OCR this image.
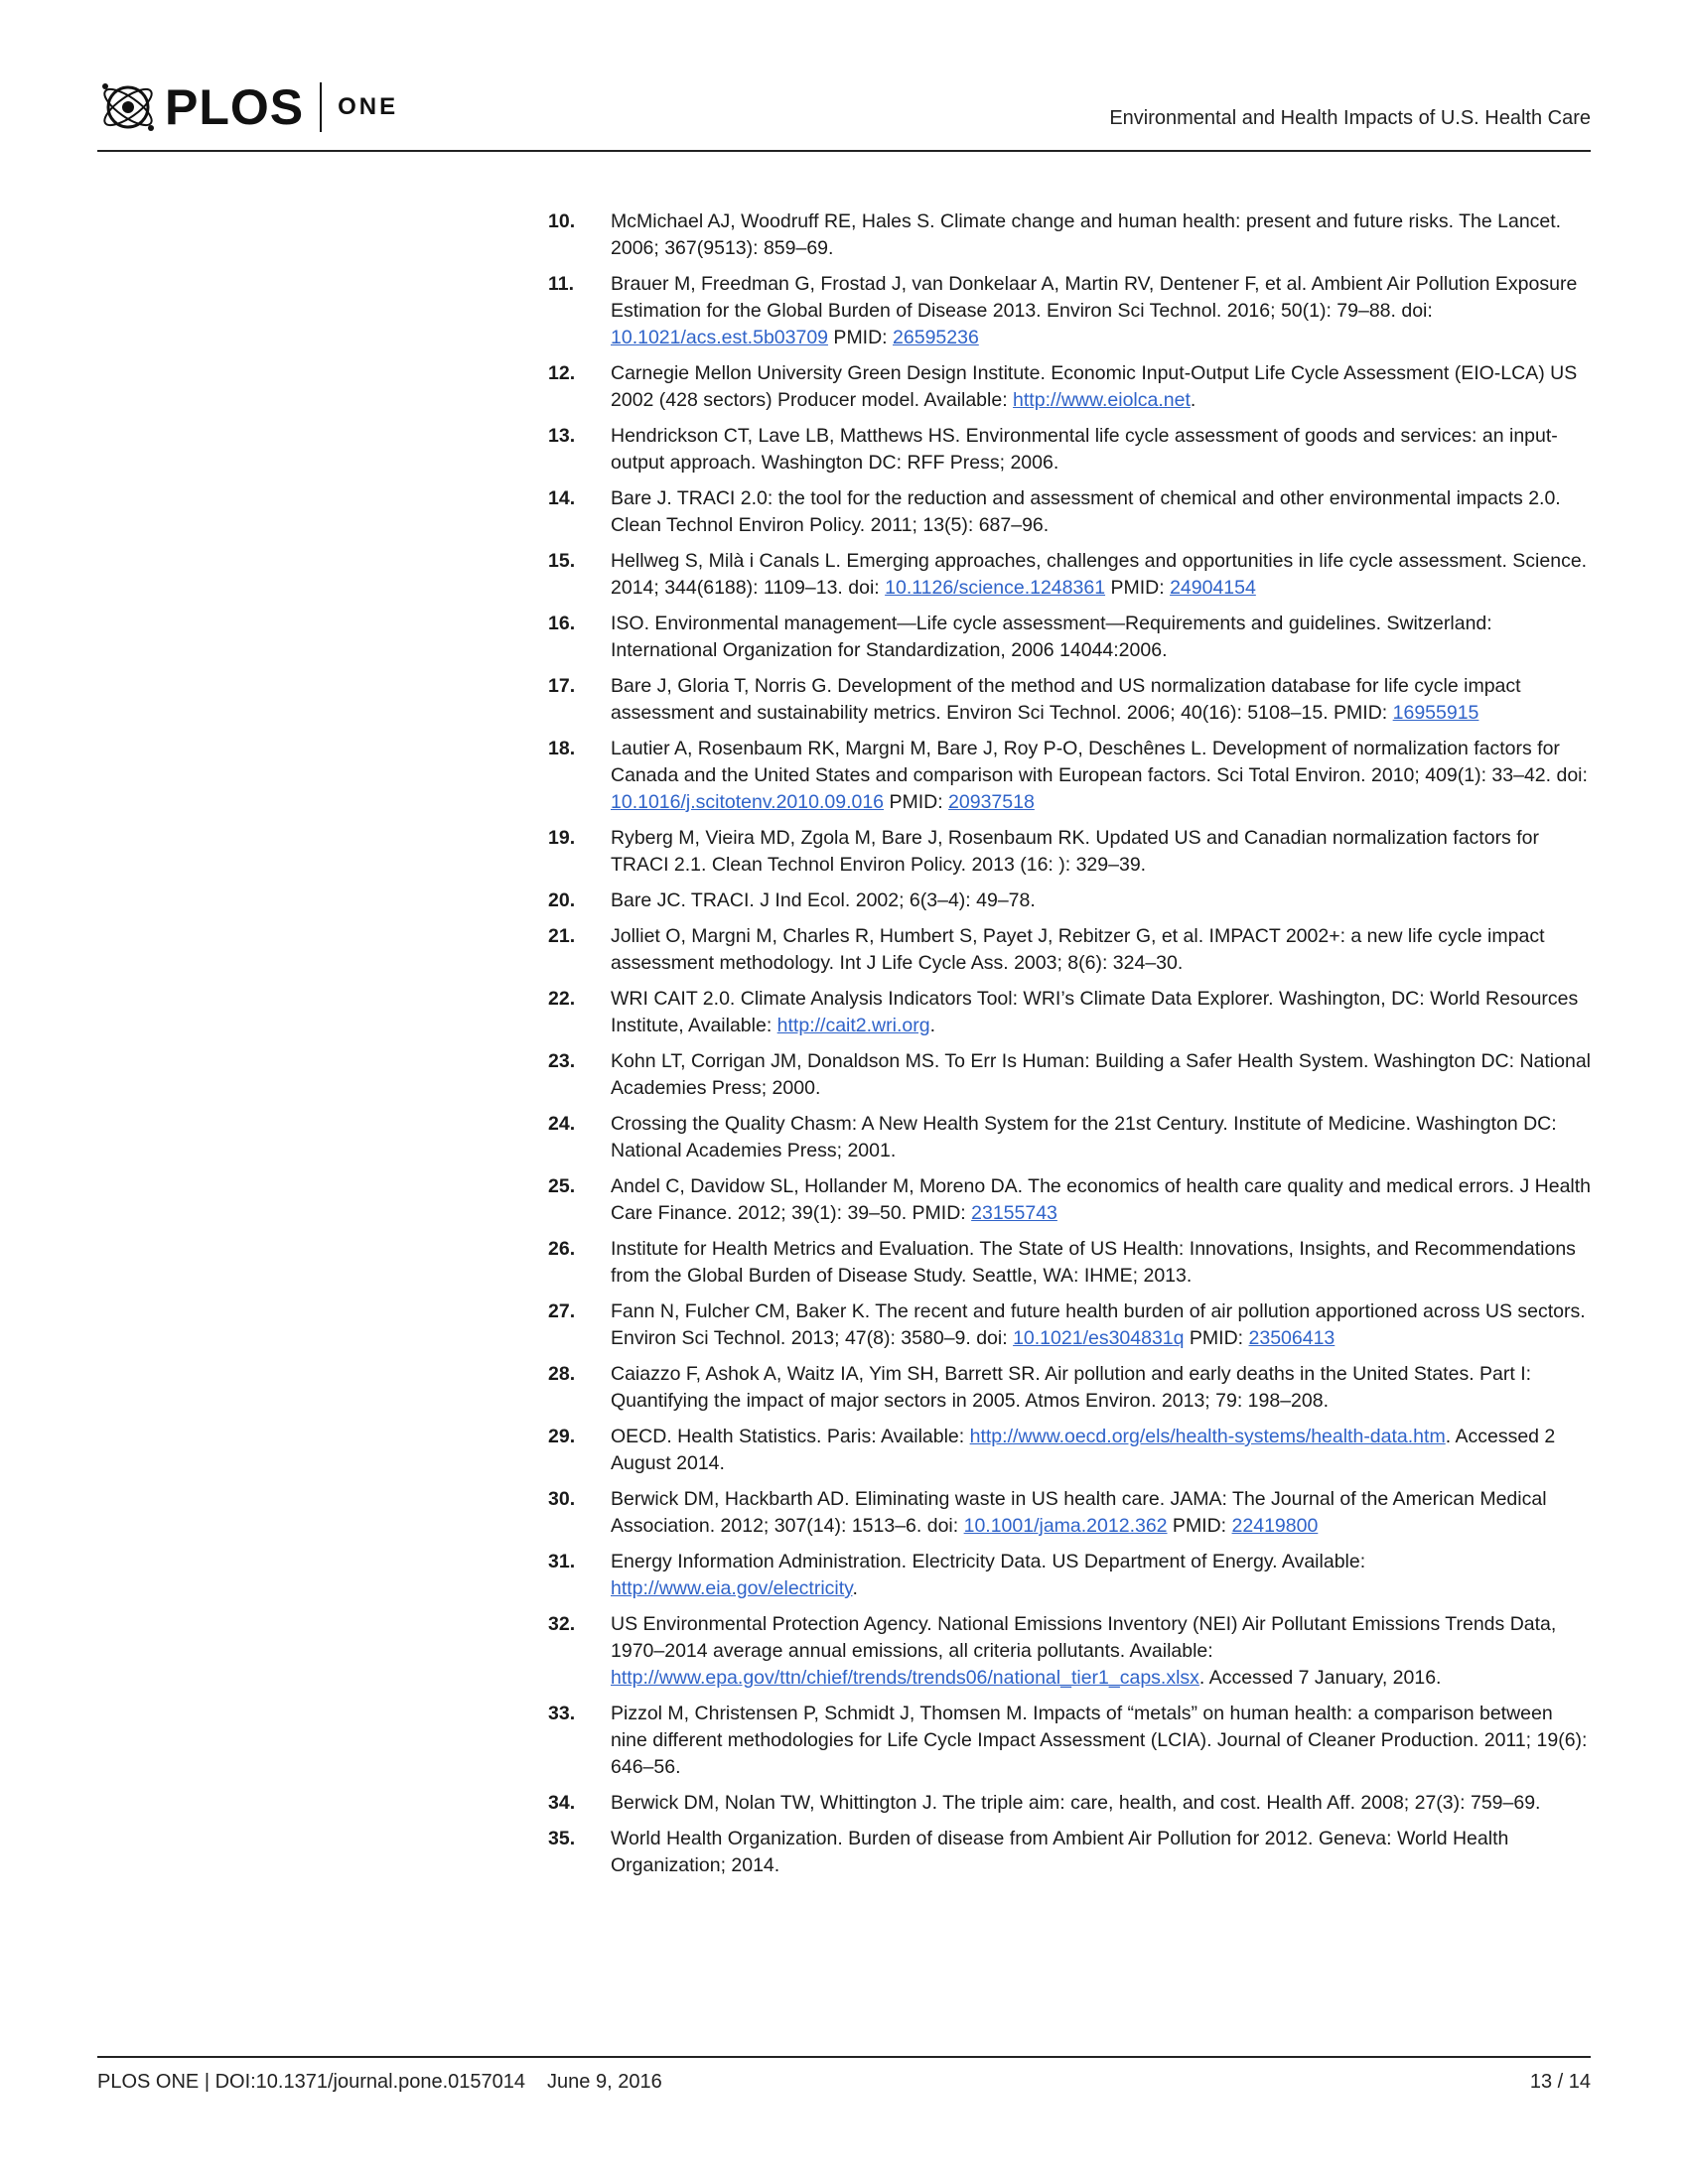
PLOS ONE	Environmental and Health Impacts of U.S. Health Care
10. McMichael AJ, Woodruff RE, Hales S. Climate change and human health: present and future risks. The Lancet. 2006; 367(9513): 859–69.
11. Brauer M, Freedman G, Frostad J, van Donkelaar A, Martin RV, Dentener F, et al. Ambient Air Pollution Exposure Estimation for the Global Burden of Disease 2013. Environ Sci Technol. 2016; 50(1): 79–88. doi: 10.1021/acs.est.5b03709 PMID: 26595236
12. Carnegie Mellon University Green Design Institute. Economic Input-Output Life Cycle Assessment (EIO-LCA) US 2002 (428 sectors) Producer model. Available: http://www.eiolca.net.
13. Hendrickson CT, Lave LB, Matthews HS. Environmental life cycle assessment of goods and services: an input-output approach. Washington DC: RFF Press; 2006.
14. Bare J. TRACI 2.0: the tool for the reduction and assessment of chemical and other environmental impacts 2.0. Clean Technol Environ Policy. 2011; 13(5): 687–96.
15. Hellweg S, Milà i Canals L. Emerging approaches, challenges and opportunities in life cycle assessment. Science. 2014; 344(6188): 1109–13. doi: 10.1126/science.1248361 PMID: 24904154
16. ISO. Environmental management—Life cycle assessment—Requirements and guidelines. Switzerland: International Organization for Standardization, 2006 14044:2006.
17. Bare J, Gloria T, Norris G. Development of the method and US normalization database for life cycle impact assessment and sustainability metrics. Environ Sci Technol. 2006; 40(16): 5108–15. PMID: 16955915
18. Lautier A, Rosenbaum RK, Margni M, Bare J, Roy P-O, Deschênes L. Development of normalization factors for Canada and the United States and comparison with European factors. Sci Total Environ. 2010; 409(1): 33–42. doi: 10.1016/j.scitotenv.2010.09.016 PMID: 20937518
19. Ryberg M, Vieira MD, Zgola M, Bare J, Rosenbaum RK. Updated US and Canadian normalization factors for TRACI 2.1. Clean Technol Environ Policy. 2013 (16: ): 329–39.
20. Bare JC. TRACI. J Ind Ecol. 2002; 6(3–4): 49–78.
21. Jolliet O, Margni M, Charles R, Humbert S, Payet J, Rebitzer G, et al. IMPACT 2002+: a new life cycle impact assessment methodology. Int J Life Cycle Ass. 2003; 8(6): 324–30.
22. WRI CAIT 2.0. Climate Analysis Indicators Tool: WRI’s Climate Data Explorer. Washington, DC: World Resources Institute, Available: http://cait2.wri.org.
23. Kohn LT, Corrigan JM, Donaldson MS. To Err Is Human: Building a Safer Health System. Washington DC: National Academies Press; 2000.
24. Crossing the Quality Chasm: A New Health System for the 21st Century. Institute of Medicine. Washington DC: National Academies Press; 2001.
25. Andel C, Davidow SL, Hollander M, Moreno DA. The economics of health care quality and medical errors. J Health Care Finance. 2012; 39(1): 39–50. PMID: 23155743
26. Institute for Health Metrics and Evaluation. The State of US Health: Innovations, Insights, and Recommendations from the Global Burden of Disease Study. Seattle, WA: IHME; 2013.
27. Fann N, Fulcher CM, Baker K. The recent and future health burden of air pollution apportioned across US sectors. Environ Sci Technol. 2013; 47(8): 3580–9. doi: 10.1021/es304831q PMID: 23506413
28. Caiazzo F, Ashok A, Waitz IA, Yim SH, Barrett SR. Air pollution and early deaths in the United States. Part I: Quantifying the impact of major sectors in 2005. Atmos Environ. 2013; 79: 198–208.
29. OECD. Health Statistics. Paris: Available: http://www.oecd.org/els/health-systems/health-data.htm. Accessed 2 August 2014.
30. Berwick DM, Hackbarth AD. Eliminating waste in US health care. JAMA: The Journal of the American Medical Association. 2012; 307(14): 1513–6. doi: 10.1001/jama.2012.362 PMID: 22419800
31. Energy Information Administration. Electricity Data. US Department of Energy. Available: http://www.eia.gov/electricity.
32. US Environmental Protection Agency. National Emissions Inventory (NEI) Air Pollutant Emissions Trends Data, 1970–2014 average annual emissions, all criteria pollutants. Available: http://www.epa.gov/ttn/chief/trends/trends06/national_tier1_caps.xlsx. Accessed 7 January, 2016.
33. Pizzol M, Christensen P, Schmidt J, Thomsen M. Impacts of “metals” on human health: a comparison between nine different methodologies for Life Cycle Impact Assessment (LCIA). Journal of Cleaner Production. 2011; 19(6): 646–56.
34. Berwick DM, Nolan TW, Whittington J. The triple aim: care, health, and cost. Health Aff. 2008; 27(3): 759–69.
35. World Health Organization. Burden of disease from Ambient Air Pollution for 2012. Geneva: World Health Organization; 2014.
PLOS ONE | DOI:10.1371/journal.pone.0157014 June 9, 2016	13 / 14
